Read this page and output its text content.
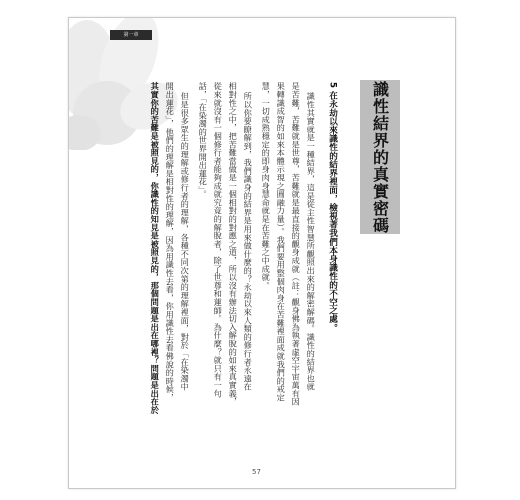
第一章
識性結界的真實密碼
5 在永劫以來識性的結界裡面，檢視著我們本身識性的不空之處。
識性其實就是一種結界，這是從主性智慧所觀照出來的解密解碼。識性的結界也就
是苦難，苦難就是世尊，苦難就是最直接的觀身成就（註：觀身佛為執著虛空宇宙萬有因
果轉識成智的如來本體示現之圓融力量）。我們要用整個肉身在苦難裡面成就我們的戒定
慧，一切成熟穩定的即身肉身慧命就是在苦難之中成就。
所以你要瞭解到，我們識身的結界是用來做什麼的？永劫以來人類的修行者永遠在
相對性之中，把苦難當做是一個相對的對應之道，所以沒有辦法切入解脫的如來真實義，
從來就沒有一個修行者能夠成就究竟的解脫者，除了世尊和蓮師。為什麼？就只有一句
話，「在染濁的世界開出蓮花」。
但是很多眾生的理解或修行者的理解，各種不同次第的理解裡面，對於「在染濁中
開出蓮花」，他們的理解是相對性的理解，因為用識性去看，你用識性去看佛說的時候，
其實你的苦難是被照見的，你識性的知見是被照見的，那個問題是出在哪裡？問題是出在於
57
